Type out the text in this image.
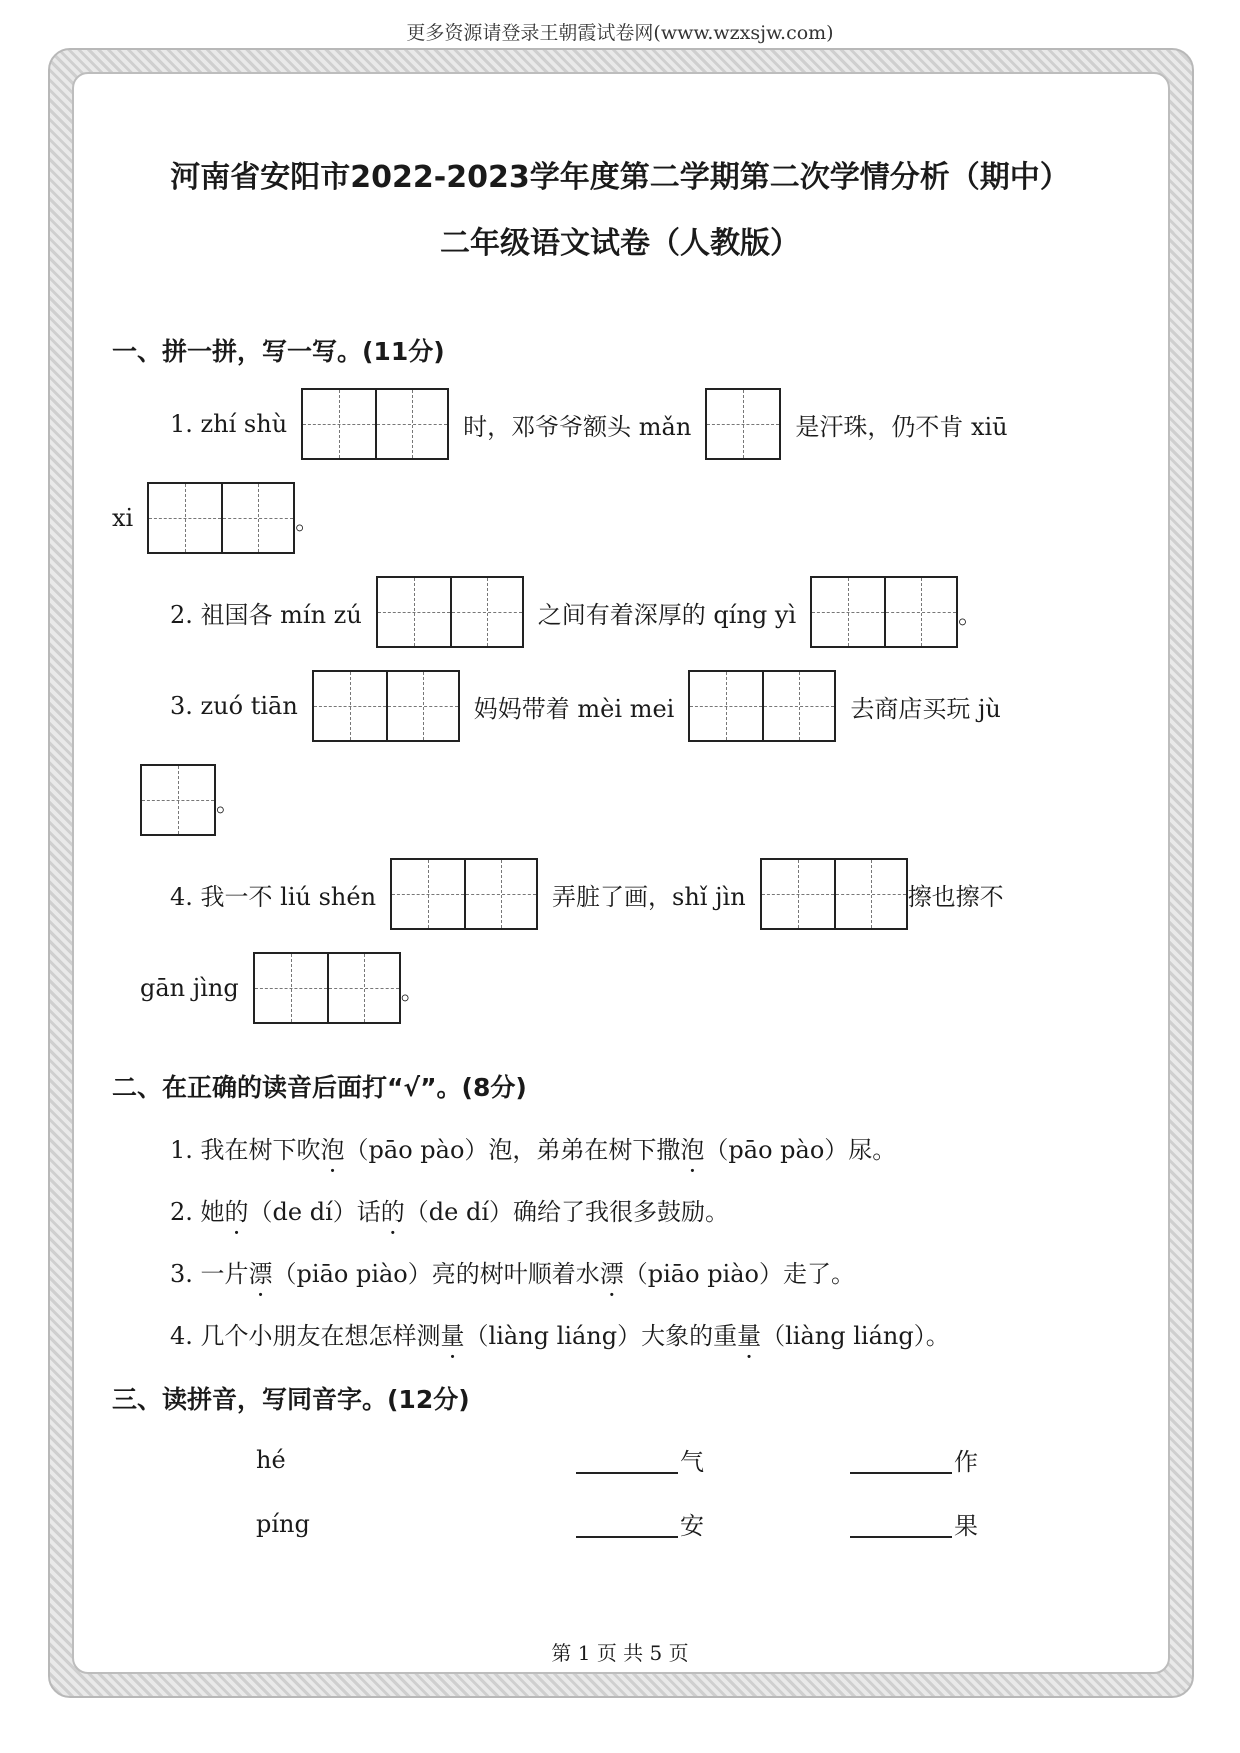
更多资源请登录王朝霞试卷网(www.wzxsjw.com)
河南省安阳市2022-2023学年度第二学期第二次学情分析（期中）
二年级语文试卷（人教版）
一、拼一拼，写一写。(11分)
1. zhí shù	时，邓爷爷额头 mǎn	是汗珠，仍不肯 xiū
xi	。
2. 祖国各 mín zú	之间有着深厚的 qíng yì	。
3. zuó tiān	妈妈带着 mèi mei	去商店买玩 jù
。
4. 我一不 liú shén	弄脏了画，shǐ jìn	擦也擦不
gān jìng	。
二、在正确的读音后面打“√”。(8分)
1. 我在树下吹 泡 · （pāo pào）泡，弟弟在树下撒 泡 · （pāo pào）尿。
2. 她 的 · （de dí）话 的 · （de dí）确给了我很多鼓励。
3. 一片 漂 · （piāo piào）亮的树叶顺着水 漂 · （piāo piào）走了。
4. 几个小朋友在想怎样测 量 · （liàng liáng）大象的重 量 · （liàng liáng）。
三、读拼音，写同音字。(12分)
hé	气	作
píng	安	果
第 1 页 共 5 页
